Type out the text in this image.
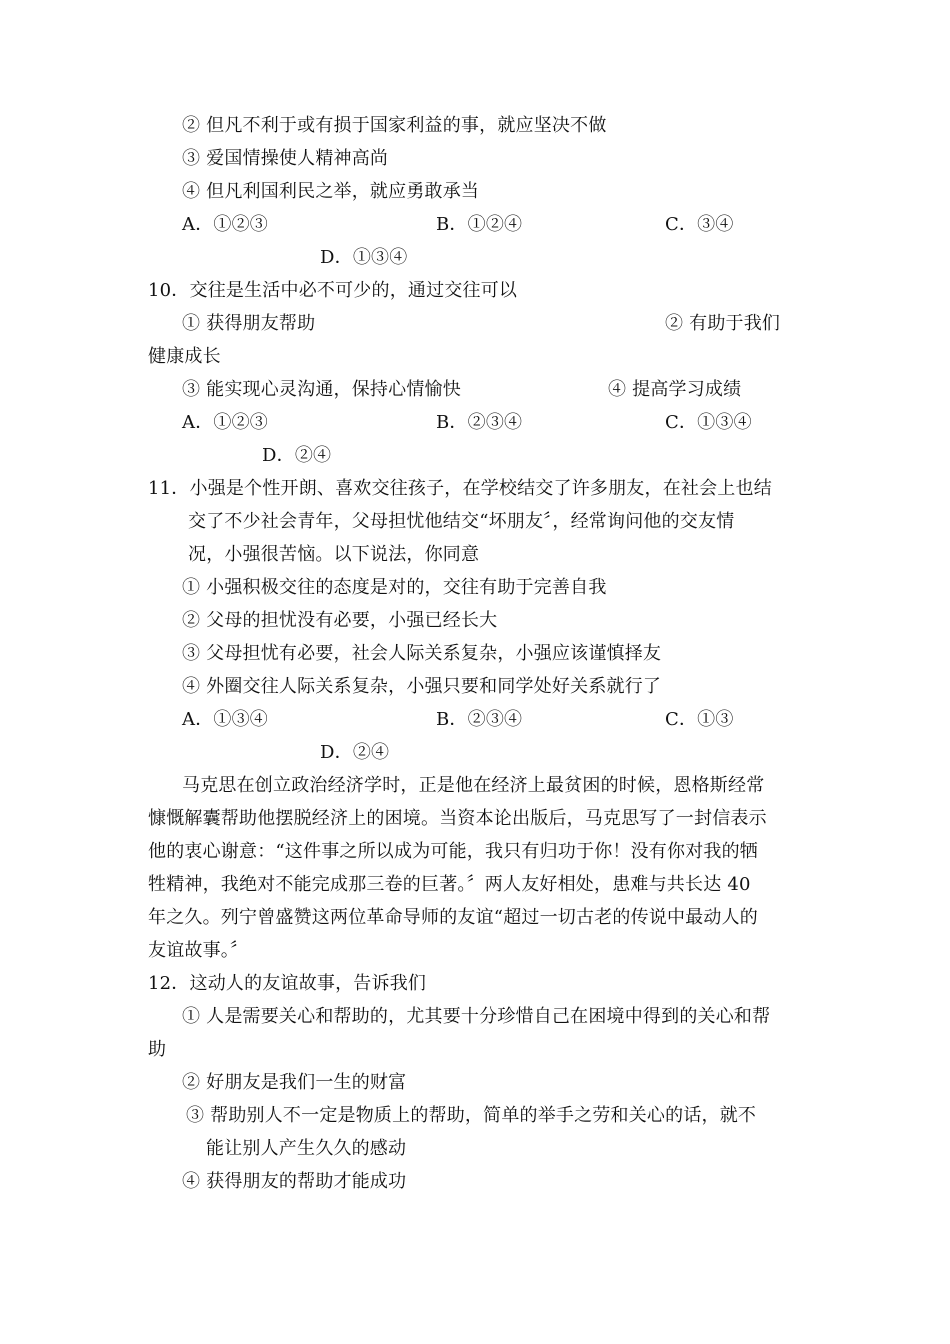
② 但凡不利于或有损于国家利益的事，就应坚决不做
③ 爱国情操使人精神高尚
④ 但凡利国利民之举，就应勇敢承当
A．①②③	B．①②④	C．③④
D．①③④
10．交往是生活中必不可少的，通过交往可以
① 获得朋友帮助	② 有助于我们
健康成长
③ 能实现心灵沟通，保持心情愉快	④ 提高学习成绩
A．①②③	B．②③④	C．①③④
D．②④
11．小强是个性开朗、喜欢交往孩子，在学校结交了许多朋友，在社会上也结
交了不少社会青年，父母担忧他结交“坏朋友〞，经常询问他的交友情
况，小强很苦恼。以下说法，你同意
① 小强积极交往的态度是对的，交往有助于完善自我
② 父母的担忧没有必要，小强已经长大
③ 父母担忧有必要，社会人际关系复杂，小强应该谨慎择友
④ 外圈交往人际关系复杂，小强只要和同学处好关系就行了
A．①③④	B．②③④	C．①③
D．②④
马克思在创立政治经济学时，正是他在经济上最贫困的时候，恩格斯经常
慷慨解囊帮助他摆脱经济上的困境。当资本论出版后，马克思写了一封信表示
他的衷心谢意：“这件事之所以成为可能，我只有归功于你！没有你对我的牺
牲精神，我绝对不能完成那三卷的巨著。〞两人友好相处，患难与共长达 40
年之久。列宁曾盛赞这两位革命导师的友谊“超过一切古老的传说中最动人的
友谊故事。〞
12．这动人的友谊故事，告诉我们
① 人是需要关心和帮助的，尤其要十分珍惜自己在困境中得到的关心和帮
助
② 好朋友是我们一生的财富
③ 帮助别人不一定是物质上的帮助，简单的举手之劳和关心的话，就不
能让别人产生久久的感动
④ 获得朋友的帮助才能成功
